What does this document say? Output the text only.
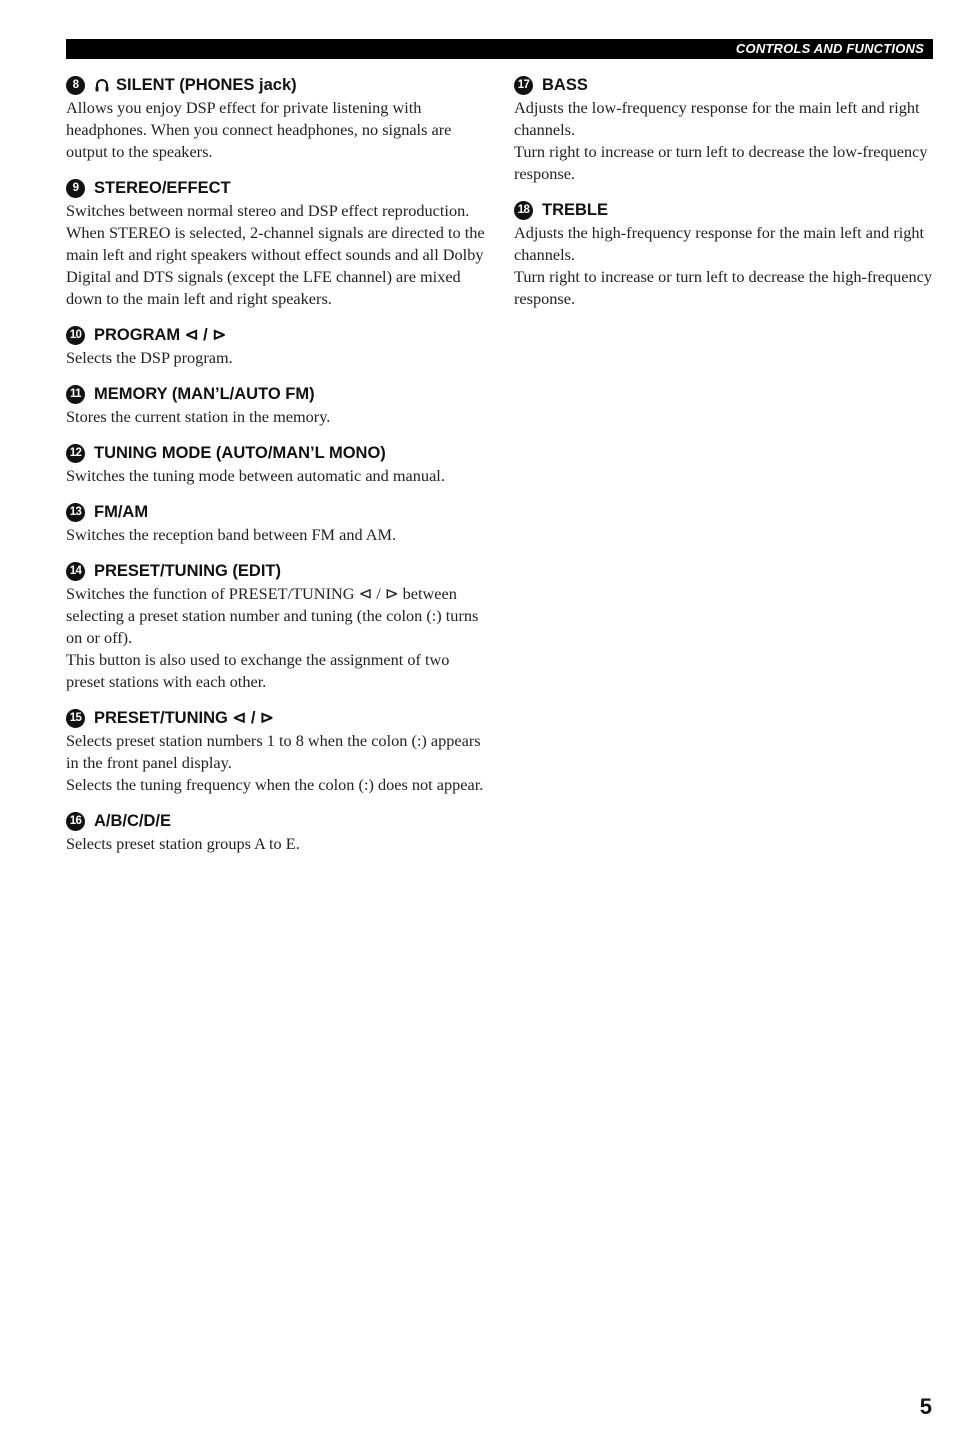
CONTROLS AND FUNCTIONS
8	SILENT (PHONES jack)

Allows you enjoy DSP effect for private listening with headphones. When you connect headphones, no signals are output to the speakers.

9 STEREO/EFFECT

Switches between normal stereo and DSP effect reproduction. When STEREO is selected, 2-channel signals are directed to the main left and right speakers without effect sounds and all Dolby Digital and DTS signals (except the LFE channel) are mixed down to the main left and right speakers.

10 PROGRAM ⊲ / ⊳

Selects the DSP program.

11 MEMORY (MAN’L/AUTO FM)

Stores the current station in the memory.

12 TUNING MODE (AUTO/MAN’L MONO)

Switches the tuning mode between automatic and manual.

13 FM/AM

Switches the reception band between FM and AM.

14 PRESET/TUNING (EDIT)

Switches the function of PRESET/TUNING ⊲ / ⊳ between selecting a preset station number and tuning (the colon (:) turns on or off).

This button is also used to exchange the assignment of two preset stations with each other.

15 PRESET/TUNING ⊲ / ⊳

Selects preset station numbers 1 to 8 when the colon (:) appears in the front panel display.

Selects the tuning frequency when the colon (:) does not appear.

16 A/B/C/D/E

Selects preset station groups A to E.

17 BASS

Adjusts the low-frequency response for the main left and right channels.

Turn right to increase or turn left to decrease the low-frequency response.

18 TREBLE

Adjusts the high-frequency response for the main left and right channels.

Turn right to increase or turn left to decrease the high-frequency response.

5
